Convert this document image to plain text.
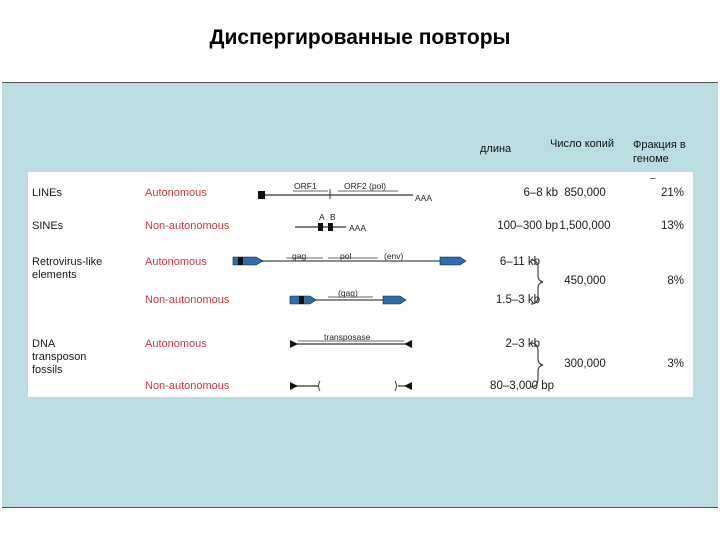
Диспергированные повторы
длина	Число копий Фракция в
геноме
–
LINEs	Autonomous	6–8 kb 850,000	21%
SINEs	Non-autonomous	100–300 bp 1,500,000	13%
Retrovirus-like
elements
Autonomous	6–11 kb
Non-autonomous	1.5–3 kb
450,000	8%
DNA
transposon
fossils
Autonomous	2–3 kb
Non-autonomous	80–3,000 bp
300,000	3%
ORF1	ORF2 (pol)
AAA
A B
AAA
gag	pol	(env)
(gag)
transposase
